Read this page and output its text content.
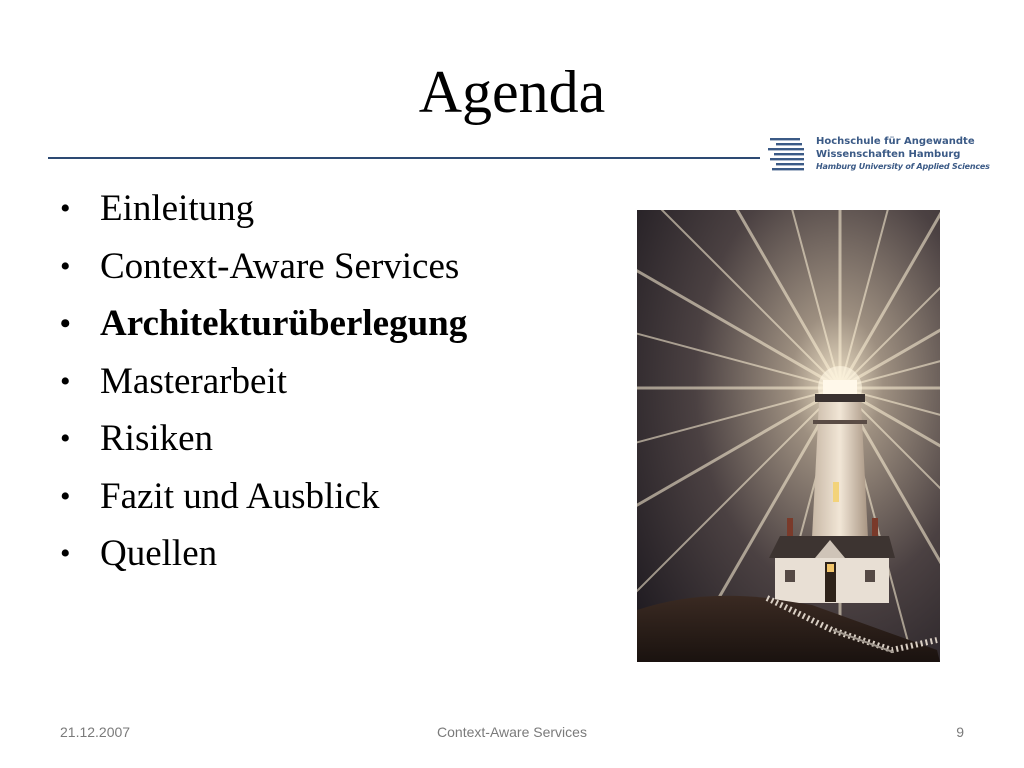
Agenda
Hochschule für Angewandte
Wissenschaften Hamburg
Hamburg University of Applied Sciences
• Einleitung
• Context-Aware Services
• Architekturüberlegung
• Masterarbeit
• Risiken
• Fazit und Ausblick
• Quellen
21.12.2007	Context-Aware Services	9
